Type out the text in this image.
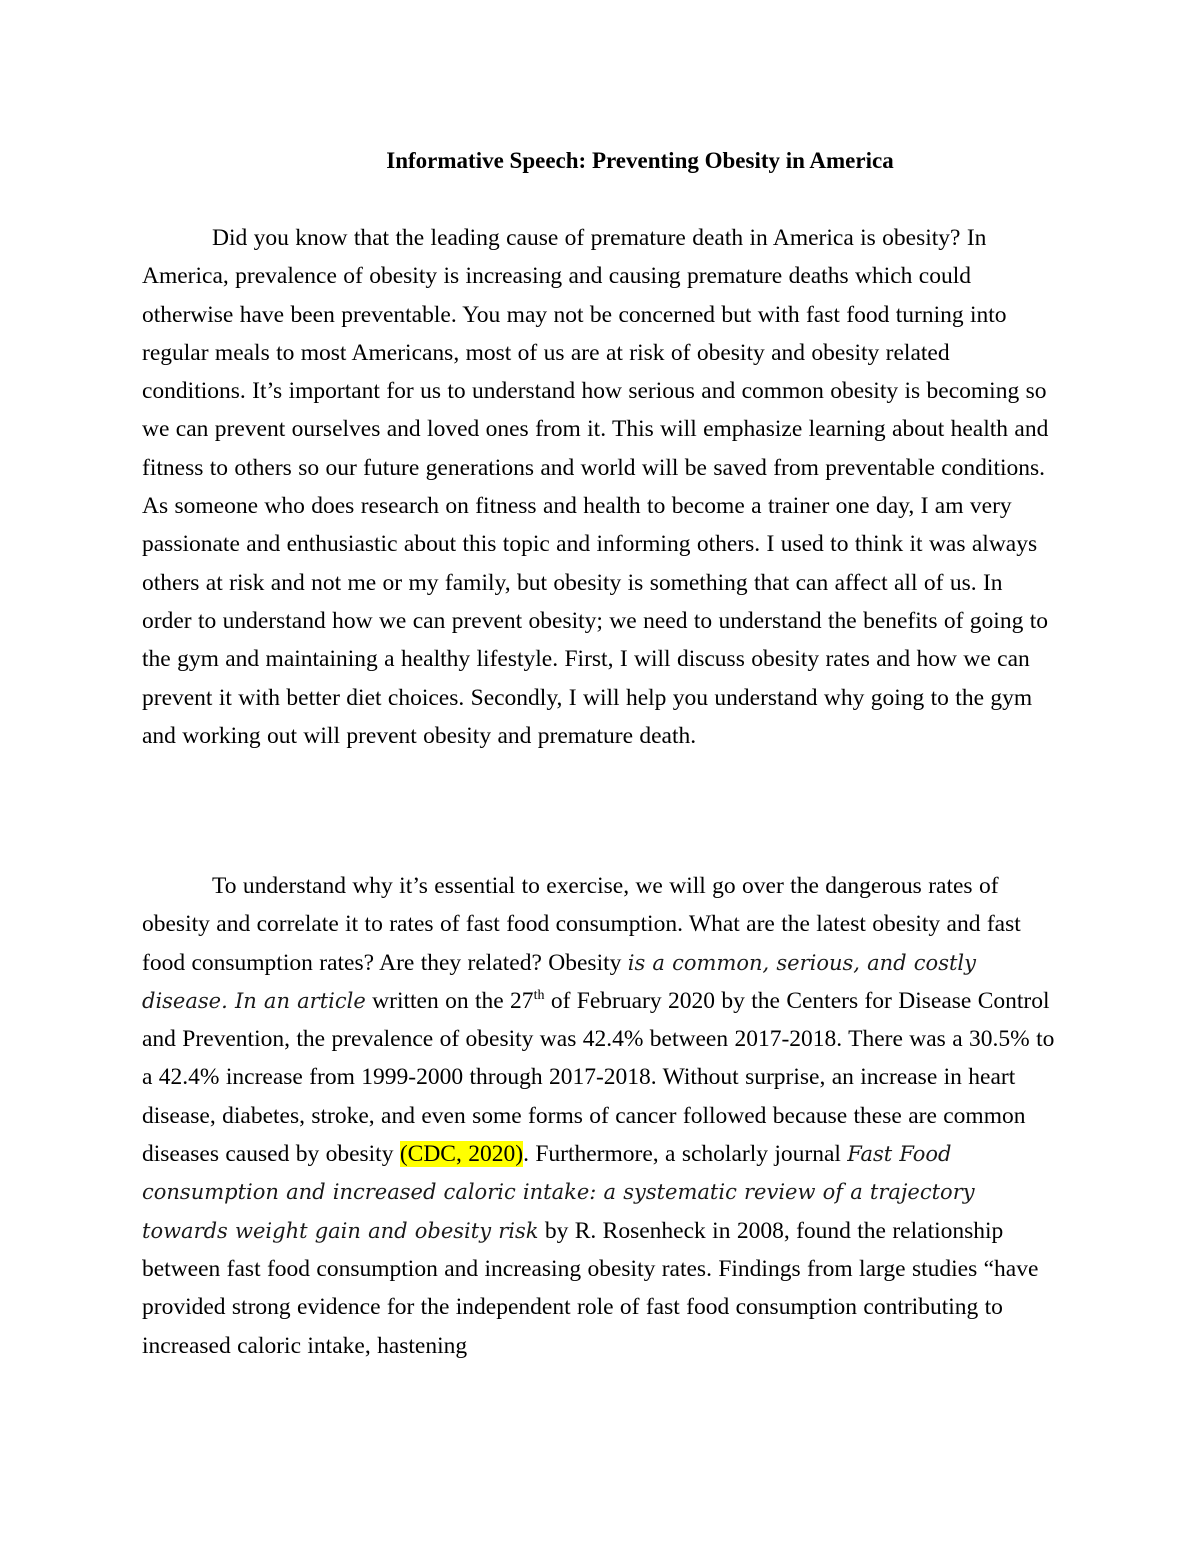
Informative Speech: Preventing Obesity in America

Did you know that the leading cause of premature death in America is obesity? In America, prevalence of obesity is increasing and causing premature deaths which could otherwise have been preventable. You may not be concerned but with fast food turning into regular meals to most Americans, most of us are at risk of obesity and obesity related conditions. It’s important for us to understand how serious and common obesity is becoming so we can prevent ourselves and loved ones from it. This will emphasize learning about health and fitness to others so our future generations and world will be saved from preventable conditions. As someone who does research on fitness and health to become a trainer one day, I am very passionate and enthusiastic about this topic and informing others. I used to think it was always others at risk and not me or my family, but obesity is something that can affect all of us. In order to understand how we can prevent obesity; we need to understand the benefits of going to the gym and maintaining a healthy lifestyle. First, I will discuss obesity rates and how we can prevent it with better diet choices. Secondly, I will help you understand why going to the gym and working out will prevent obesity and premature death.

To understand why it’s essential to exercise, we will go over the dangerous rates of obesity and correlate it to rates of fast food consumption. What are the latest obesity and fast food consumption rates? Are they related? Obesity is a common, serious, and costly disease. In an article written on the 27th of February 2020 by the Centers for Disease Control and Prevention, the prevalence of obesity was 42.4% between 2017-2018. There was a 30.5% to a 42.4% increase from 1999-2000 through 2017-2018. Without surprise, an increase in heart disease, diabetes, stroke, and even some forms of cancer followed because these are common diseases caused by obesity (CDC, 2020). Furthermore, a scholarly journal Fast Food consumption and increased caloric intake: a systematic review of a trajectory towards weight gain and obesity risk by R. Rosenheck in 2008, found the relationship between fast food consumption and increasing obesity rates. Findings from large studies “have provided strong evidence for the independent role of fast food consumption contributing to increased caloric intake, hastening
